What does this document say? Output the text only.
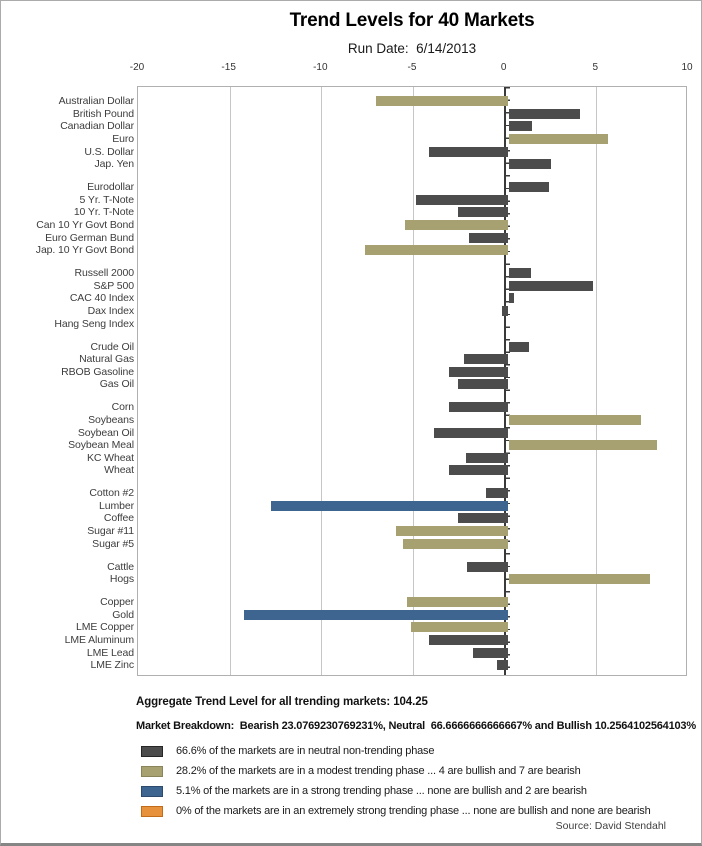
Trend Levels for 40 Markets
Run Date:  6/14/2013
-20	-15	-10	-5	0	5	10
Australian Dollar
British Pound
Canadian Dollar
Euro
U.S. Dollar
Jap. Yen
Eurodollar
5 Yr. T-Note
10 Yr. T-Note
Can 10 Yr Govt Bond
Euro German Bund
Jap. 10 Yr Govt Bond
Russell 2000
S&P 500
CAC 40 Index
Dax Index
Hang Seng Index
Crude Oil
Natural Gas
RBOB Gasoline
Gas Oil
Corn
Soybeans
Soybean Oil
Soybean Meal
KC Wheat
Wheat
Cotton #2
Lumber
Coffee
Sugar #11
Sugar #5
Cattle
Hogs
Copper
Gold
LME Copper
LME Aluminum
LME Lead
LME Zinc
Aggregate Trend Level for all trending markets: 104.25
Market Breakdown:  Bearish 23.0769230769231%, Neutral  66.6666666666667% and Bullish 10.2564102564103%
66.6% of the markets are in neutral non-trending phase
28.2% of the markets are in a modest trending phase ... 4 are bullish and 7 are bearish
5.1% of the markets are in a strong trending phase ... none are bullish and 2 are bearish
0% of the markets are in an extremely strong trending phase ... none are bullish and none are bearish
Source: David Stendahl
